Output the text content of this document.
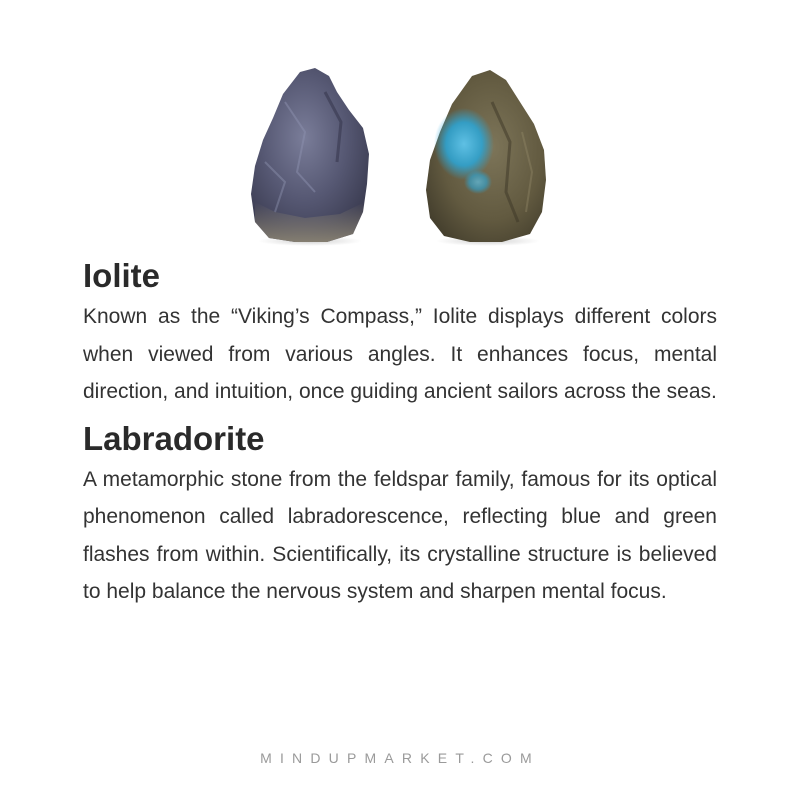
Iolite

Known as the “Viking’s Compass,” Iolite displays different colors when viewed from various angles. It enhances focus, mental direction, and intuition, once guiding ancient sailors across the seas.

Labradorite

A metamorphic stone from the feldspar family, famous for its optical phenomenon called labradorescence, reflecting blue and green flashes from within. Scientifically, its crystalline structure is believed to help balance the nervous system and sharpen mental focus.

MINDUPMARKET.COM
